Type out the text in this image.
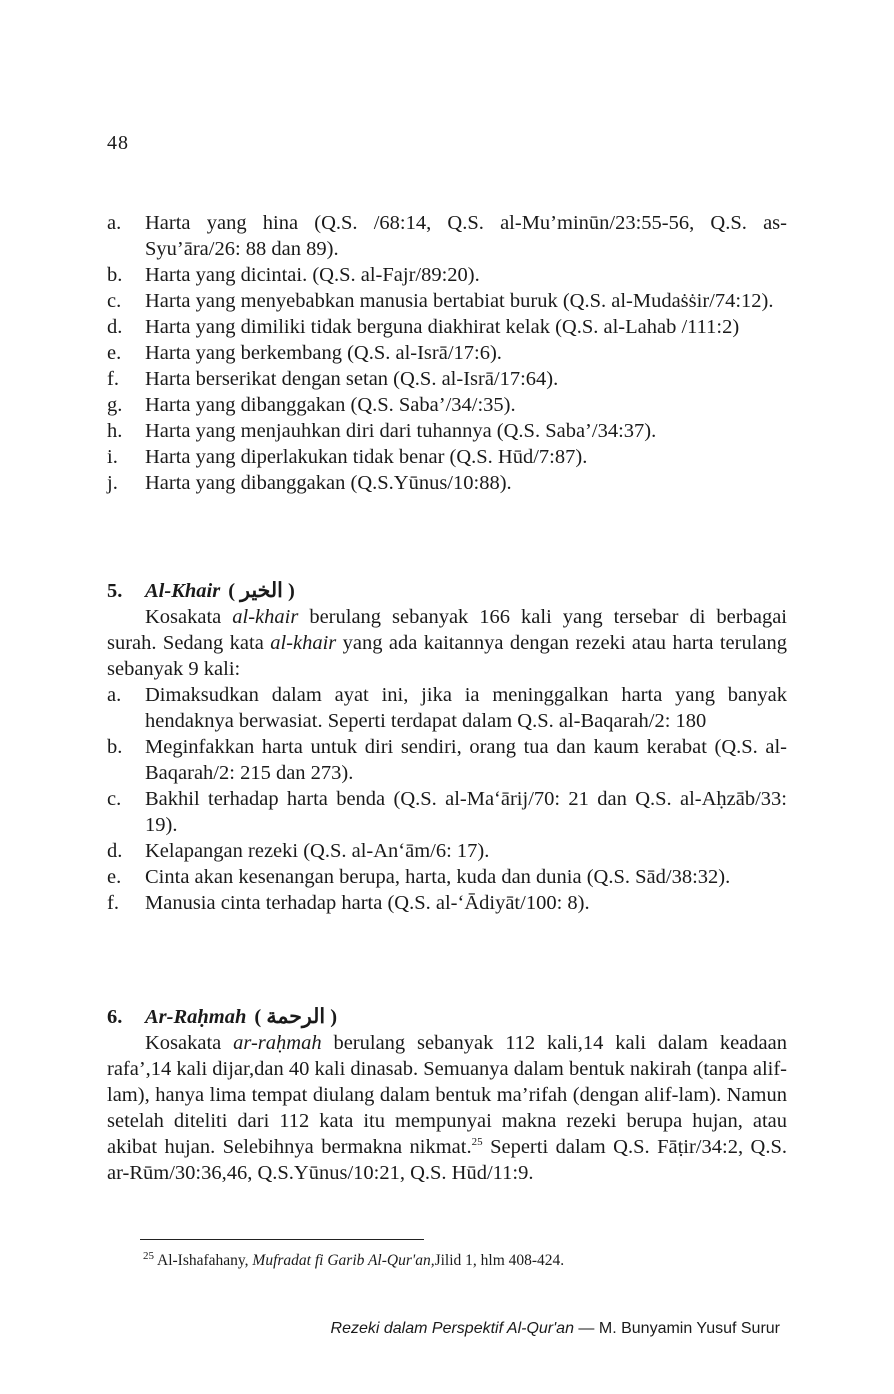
48
a.	Harta yang hina (Q.S. /68:14, Q.S. al-Mu’minūn/23:55-56, Q.S. as-Syu’āra/26: 88 dan 89).
b.	Harta yang dicintai. (Q.S. al-Fajr/89:20).
c.	Harta yang menyebabkan manusia bertabiat buruk (Q.S. al-Mudaṡṡir/74:12).
d.	Harta yang dimiliki tidak berguna diakhirat kelak (Q.S. al-Lahab /111:2)
e.	Harta yang berkembang (Q.S. al-Isrā/17:6).
f.	Harta berserikat dengan setan (Q.S. al-Isrā/17:64).
g.	Harta yang dibanggakan (Q.S. Saba’/34/:35).
h.	Harta yang menjauhkan diri dari tuhannya (Q.S. Saba’/34:37).
i.	Harta yang diperlakukan tidak benar (Q.S. Hūd/7:87).
j.	Harta yang dibanggakan (Q.S.Yūnus/10:88).
5.	Al-Khair ( الخير )
Kosakata al-khair berulang sebanyak 166 kali yang tersebar di berbagai surah. Sedang kata al-khair yang ada kaitannya dengan rezeki atau harta terulang sebanyak 9 kali:
a.	Dimaksudkan dalam ayat ini, jika ia meninggalkan harta yang banyak hendaknya berwasiat. Seperti terdapat dalam Q.S. al-Baqarah/2: 180
b.	Meginfakkan harta untuk diri sendiri, orang tua dan kaum kerabat (Q.S. al-Baqarah/2: 215 dan 273).
c.	Bakhil terhadap harta benda (Q.S. al-Ma‘ārij/70: 21 dan Q.S. al-Aḥzāb/33: 19).
d.	Kelapangan rezeki (Q.S. al-An‘ām/6: 17).
e.	Cinta akan kesenangan berupa, harta, kuda dan dunia (Q.S. Sād/38:32).
f.	Manusia cinta terhadap harta (Q.S. al-‘Ādiyāt/100: 8).
6.	Ar-Raḥmah ( الرحمة )
Kosakata ar-raḥmah berulang sebanyak 112 kali,14 kali dalam keadaan rafa’,14 kali dijar,dan 40 kali dinasab. Semuanya dalam bentuk nakirah (tanpa alif-lam), hanya lima tempat diulang dalam bentuk ma’rifah (dengan alif-lam). Namun setelah diteliti dari 112 kata itu mempunyai makna rezeki berupa hujan, atau akibat hujan. Selebihnya bermakna nikmat.$^{25}$ Seperti dalam Q.S. Fāṭir/34:2, Q.S. ar-Rūm/30:36,46, Q.S.Yūnus/10:21, Q.S. Hūd/11:9.
$^{25}$ Al-Ishafahany, Mufradat fi Garib Al-Qur'an,Jilid 1, hlm 408-424.
Rezeki dalam Perspektif Al-Qur'an — M. Bunyamin Yusuf Surur
